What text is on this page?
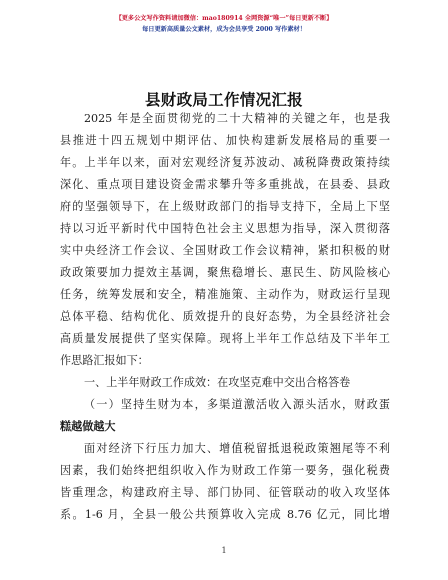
【更多公文写作资料请加微信：mao180914 全网资源“唯一”每日更新不断】
每日更新高质量公文素材，成为会员享受 2000 写作素材！
县财政局工作情况汇报
2025 年是全面贯彻党的二十大精神的关键之年，也是我
县推进十四五规划中期评估、加快构建新发展格局的重要一
年。上半年以来，面对宏观经济复苏波动、减税降费政策持续
深化、重点项目建设资金需求攀升等多重挑战，在县委、县政
府的坚强领导下，在上级财政部门的指导支持下，全局上下坚
持以习近平新时代中国特色社会主义思想为指导，深入贯彻落
实中央经济工作会议、全国财政工作会议精神，紧扣积极的财
政政策要加力提效主基调，聚焦稳增长、惠民生、防风险核心
任务，统筹发展和安全，精准施策、主动作为，财政运行呈现
总体平稳、结构优化、质效提升的良好态势，为全县经济社会
高质量发展提供了坚实保障。现将上半年工作总结及下半年工
作思路汇报如下：
一、上半年财政工作成效：在攻坚克难中交出合格答卷
（一）坚持生财为本，多渠道激活收入源头活水，财政蛋
糕越做越大
面对经济下行压力加大、增值税留抵退税政策翘尾等不利
因素，我们始终把组织收入作为财政工作第一要务，强化税费
皆重理念，构建政府主导、部门协同、征管联动的收入攻坚体
系。1-6 月，全县一般公共预算收入完成 8.76 亿元，同比增
1
